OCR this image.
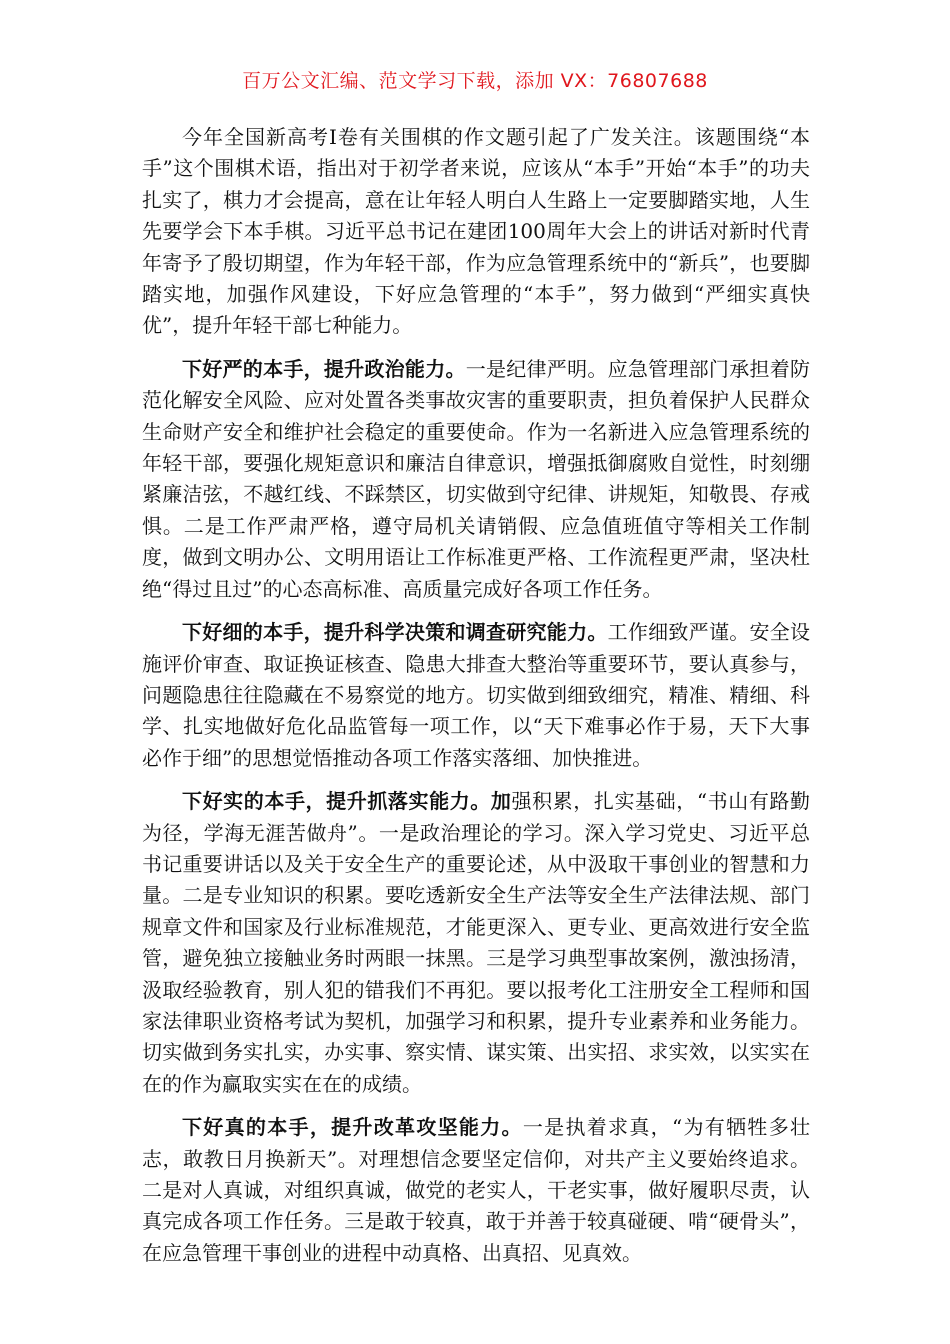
百万公文汇编、范文学习下载，添加 VX：76807688

今年全国新高考Ⅰ卷有关围棋的作文题引起了广发关注。该题围绕“本手”这个围棋术语，指出对于初学者来说，应该从“本手”开始“本手”的功夫扎实了，棋力才会提高，意在让年轻人明白人生路上一定要脚踏实地，人生先要学会下本手棋。习近平总书记在建团100周年大会上的讲话对新时代青年寄予了殷切期望，作为年轻干部，作为应急管理系统中的“新兵”，也要脚踏实地，加强作风建设，下好应急管理的“本手”，努力做到“严细实真快优”，提升年轻干部七种能力。

下好严的本手，提升政治能力。一是纪律严明。应急管理部门承担着防范化解安全风险、应对处置各类事故灾害的重要职责，担负着保护人民群众生命财产安全和维护社会稳定的重要使命。作为一名新进入应急管理系统的年轻干部，要强化规矩意识和廉洁自律意识，增强抵御腐败自觉性，时刻绷紧廉洁弦，不越红线、不踩禁区，切实做到守纪律、讲规矩，知敬畏、存戒惧。二是工作严肃严格，遵守局机关请销假、应急值班值守等相关工作制度，做到文明办公、文明用语让工作标准更严格、工作流程更严肃，坚决杜绝“得过且过”的心态高标准、高质量完成好各项工作任务。

下好细的本手，提升科学决策和调查研究能力。工作细致严谨。安全设施评价审查、取证换证核查、隐患大排查大整治等重要环节，要认真参与，问题隐患往往隐藏在不易察觉的地方。切实做到细致细究，精准、精细、科学、扎实地做好危化品监管每一项工作，以“天下难事必作于易，天下大事必作于细”的思想觉悟推动各项工作落实落细、加快推进。

下好实的本手，提升抓落实能力。加强积累，扎实基础，“书山有路勤为径，学海无涯苦做舟”。一是政治理论的学习。深入学习党史、习近平总书记重要讲话以及关于安全生产的重要论述，从中汲取干事创业的智慧和力量。二是专业知识的积累。要吃透新安全生产法等安全生产法律法规、部门规章文件和国家及行业标准规范，才能更深入、更专业、更高效进行安全监管，避免独立接触业务时两眼一抹黑。三是学习典型事故案例，激浊扬清，汲取经验教育，别人犯的错我们不再犯。要以报考化工注册安全工程师和国家法律职业资格考试为契机，加强学习和积累，提升专业素养和业务能力。切实做到务实扎实，办实事、察实情、谋实策、出实招、求实效，以实实在在的作为赢取实实在在的成绩。

下好真的本手，提升改革攻坚能力。一是执着求真，“为有牺牲多壮志，敢教日月换新天”。对理想信念要坚定信仰，对共产主义要始终追求。二是对人真诚，对组织真诚，做党的老实人，干老实事，做好履职尽责，认真完成各项工作任务。三是敢于较真，敢于并善于较真碰硬、啃“硬骨头”，在应急管理干事创业的进程中动真格、出真招、见真效。
